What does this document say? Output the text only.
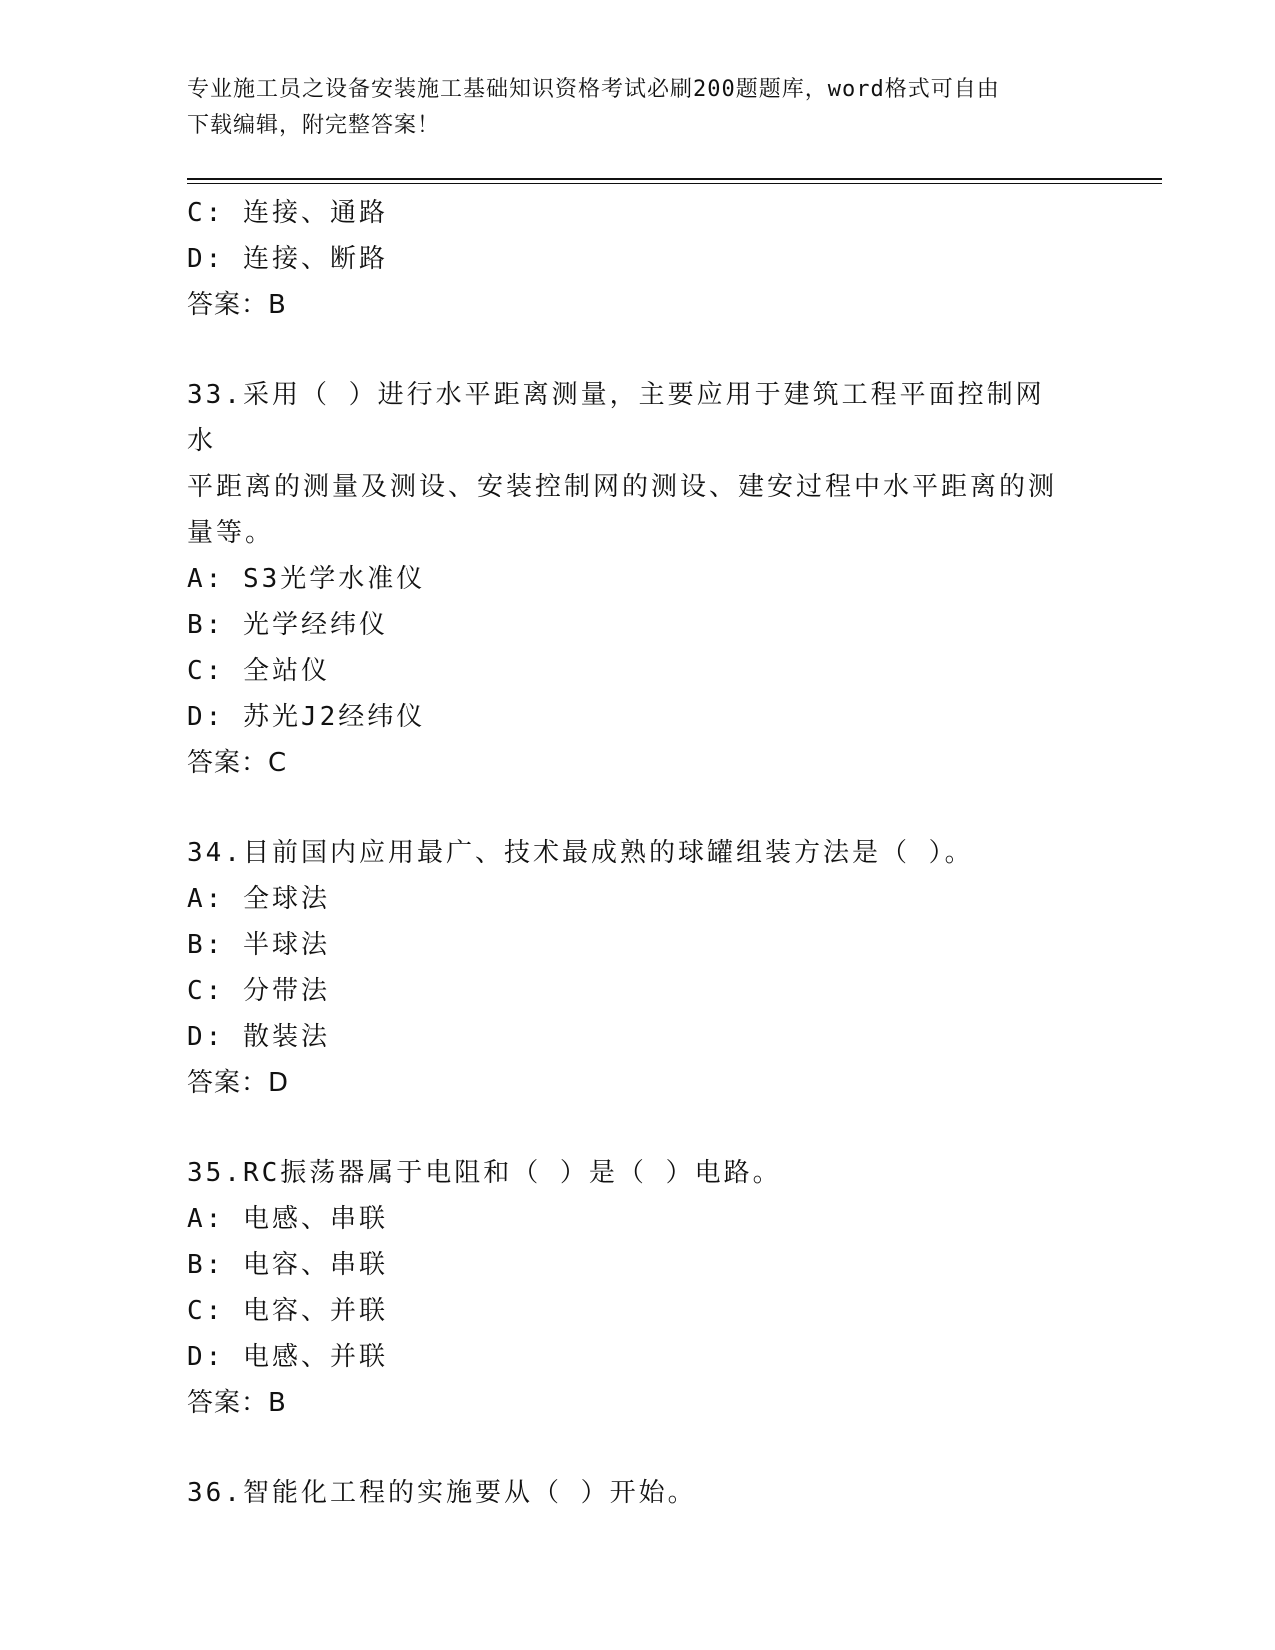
专业施工员之设备安装施工基础知识资格考试必刷200题题库，word格式可自由
下载编辑，附完整答案！
C: 连接、通路
D: 连接、断路
答案：B
33.采用（ ）进行水平距离测量，主要应用于建筑工程平面控制网水
平距离的测量及测设、安装控制网的测设、建安过程中水平距离的测
量等。
A: S3光学水准仪
B: 光学经纬仪
C: 全站仪
D: 苏光J2经纬仪
答案：C
34.目前国内应用最广、技术最成熟的球罐组装方法是（ ）。
A: 全球法
B: 半球法
C: 分带法
D: 散装法
答案：D
35.RC振荡器属于电阻和（ ）是（ ）电路。
A: 电感、串联
B: 电容、串联
C: 电容、并联
D: 电感、并联
答案：B
36.智能化工程的实施要从（ ）开始。
